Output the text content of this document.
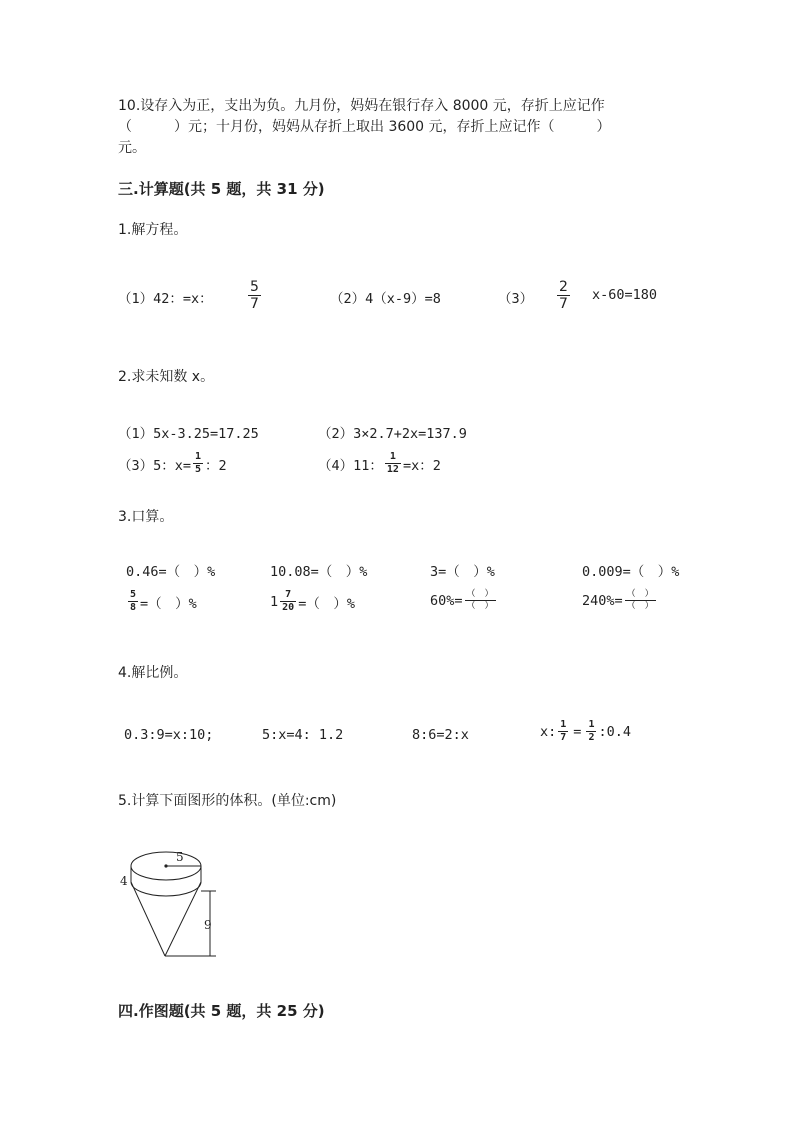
10.设存入为正，支出为负。九月份，妈妈在银行存入 8000 元，存折上应记作
（　　　）元；十月份，妈妈从存折上取出 3600 元，存折上应记作（　　　）
元。
三.计算题(共 5 题，共 31 分)
1.解方程。
（1）42：=x：	$\frac{5}{7}$	（2）4（x-9）=8	$(3) \frac{2}{7} x-60=180$
2.求未知数 x。
（1）5x-3.25=17.25	（2）3×2.7+2x=137.9
（3）5：$x= \frac{1}{5}$ ：2	（4）11： $\frac{1}{12} =x$：2
3.口算。
0.46=（　）%	10.08=（　）%	3=（　）%	0.009=（　）%
$\frac{5}{8}$ =（　）%	$1 \frac{7}{20}$ =（　）%	$60\%= \frac{( )}{( )}$	$240\%= \frac{( )}{( )}$
4.解比例。
0.3:9=x:10;	5:x=4: 1.2	8:6=2:x	x: $\frac{1}{7} = \frac{1}{2}$ :0.4
5.计算下面图形的体积。(单位:cm)
5
4
9
四.作图题(共 5 题，共 25 分)
